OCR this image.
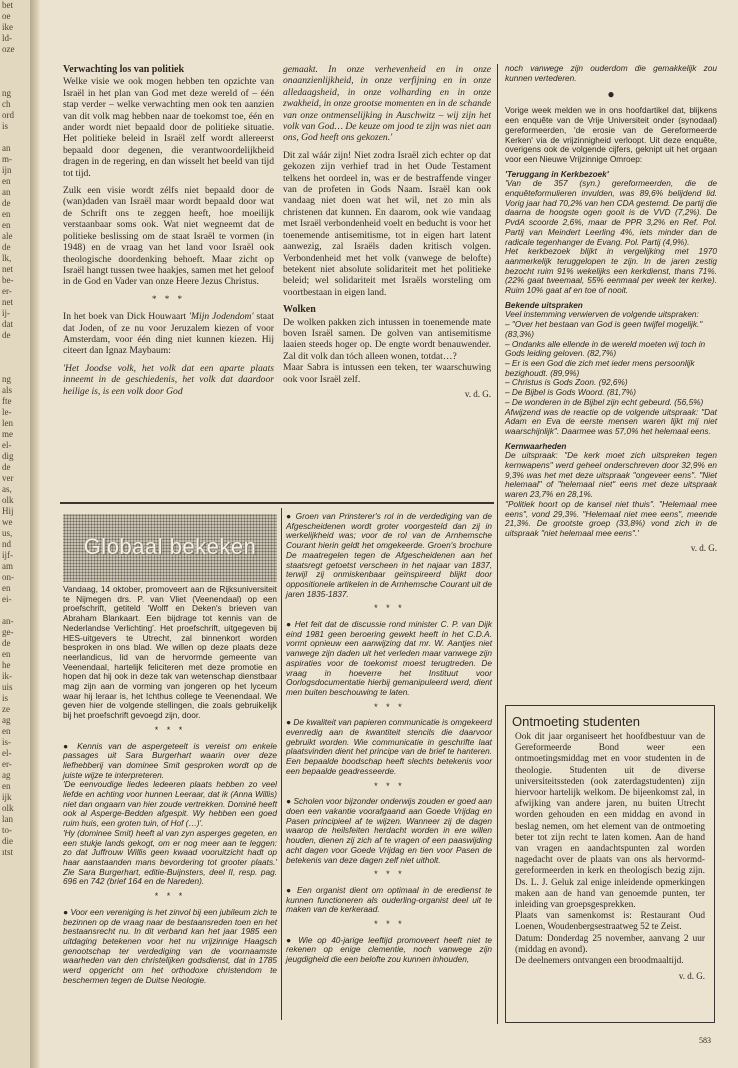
bet
oe
ike
ld-
oze

ng
ch
ord
is

an
m-
ijn
en
an
de
en
en
ale
de
lk,
net
be-
er-
net
ij-
dat
de

ng
als
fte
le-
len
me
el-
dig
de
ver
as,
olk
Hij
we
us,
nd
ijf-
am
on-
en
ei-

an-
ge-
de
en
he
ik-
uis
is
ze
ag
en
is-
el-
er-
ag
en
ijk
olk
lan
to-
die
ıtst
Verwachting los van politiek

Welke visie we ook mogen hebben ten opzichte van Israël in het plan van God met deze wereld of – één stap verder – welke verwachting men ook ten aanzien van dit volk mag hebben naar de toekomst toe, één en ander wordt niet bepaald door de politieke situatie. Het politieke beleid in Israël zelf wordt allereerst bepaald door degenen, die verantwoordelijkheid dragen in de regering, en dan wisselt het beeld van tijd tot tijd.

Zulk een visie wordt zélfs niet bepaald door de (wan)daden van Israël maar wordt bepaald door wat de Schrift ons te zeggen heeft, hoe moeilijk verstaanbaar soms ook. Wat niet wegneemt dat de politieke beslissing om de staat Israël te vormen (in 1948) en de vraag van het land voor Israël ook theologische doordenking behoeft. Maar zicht op Israël hangt tussen twee haakjes, samen met het geloof in de God en Vader van onze Heere Jezus Christus.

* * *

In het boek van Dick Houwaart 'Mijn Jodendom' staat dat Joden, of ze nu voor Jeruzalem kiezen of voor Amsterdam, voor één ding niet kunnen kiezen. Hij citeert dan Ignaz Maybaum:

'Het Joodse volk, het volk dat een aparte plaats inneemt in de geschiedenis, het volk dat daardoor heilige is, is een volk door God

gemaakt. In onze verhevenheid en in onze onaanzienlijkheid, in onze verfijning en in onze alledaagsheid, in onze volharding en in onze zwakheid, in onze grootse momenten en in de schande van onze ontmenselijking in Auschwitz – wij zijn het volk van God… De keuze om jood te zijn was niet aan ons, God heeft ons gekozen.'

Dit zal wáár zijn! Niet zodra Israël zich echter op dat gekozen zijn verhief trad in het Oude Testament telkens het oordeel in, was er de bestraffende vinger van de profeten in Gods Naam. Israël kan ook vandaag niet doen wat het wil, net zo min als christenen dat kunnen. En daarom, ook wie vandaag met Israël verbondenheid voelt en beducht is voor het toenemende antisemitisme, tot in eigen hart latent aanwezig, zal Israëls daden kritisch volgen. Verbondenheid met het volk (vanwege de belofte) betekent niet absolute solidariteit met het politieke beleid; wel solidariteit met Israëls worsteling om voortbestaan in eigen land.

Wolken

De wolken pakken zich intussen in toenemende mate boven Israël samen. De golven van antisemitisme laaien steeds hoger op. De engte wordt benauwender. Zal dit volk dan tóch alleen wonen, totdat…?

Maar Sabra is intussen een teken, ter waarschuwing ook voor Israël zelf.

v. d. G.

noch vanwege zijn ouderdom die gemakkelijk zou kunnen vertederen.

●

Vorige week melden we in ons hoofdartikel dat, blijkens een enquête van de Vrije Universiteit onder (synodaal) gereformeerden, 'de erosie van de Gereformeerde Kerken' via de vrijzinnigheid verloopt. Uit deze enquête, overigens ook de volgende cijfers, geknipt uit het orgaan voor een Nieuwe Vrijzinnige Omroep:

'Teruggang in Kerkbezoek'

'Van de 357 (syn.) gereformeerden, die de enquêteformulieren invulden, was 89,6% belijdend lid. Vorig jaar had 70,2% van hen CDA gestemd. De partij die daarna de hoogste ogen gooit is de VVD (7,2%). De PvdA scoorde 2,6%, maar de PPR 3,2% en Ref. Pol. Partij van Meindert Leerling 4%, iets minder dan de radicale tegenhanger de Evang. Pol. Partij (4,9%).

Het kerkbezoek blijkt in vergelijking met 1970 aanmerkelijk teruggelopen te zijn. In de jaren zestig bezocht ruim 91% wekelijks een kerkdienst, thans 71%. (22% gaat tweemaal, 55% eenmaal per week ter kerke). Ruim 10% gaat af en toe of nooit.

Bekende uitspraken

Veel instemming verwierven de volgende uitspraken:

– "Over het bestaan van God is geen twijfel mogelijk." (83,3%)
– Ondanks alle ellende in de wereld moeten wij toch in Gods leiding geloven. (82,7%)
– Er is een God die zich met ieder mens persoonlijk bezighoudt. (89,9%)
– Christus is Gods Zoon. (92,6%)
– De Bijbel is Gods Woord. (81,7%)
– De wonderen in de Bijbel zijn echt gebeurd. (56,5%)

Afwijzend was de reactie op de volgende uitspraak: "Dat Adam en Eva de eerste mensen waren lijkt mij niet waarschijnlijk". Daarmee was 57,0% het helemaal eens.

Kernwaarheden

De uitspraak: "De kerk moet zich uitspreken tegen kernwapens" werd geheel onderschreven door 32,9% en 9,3% was het met deze uitspraak "ongeveer eens". "Niet helemaal" of "helemaal niet" eens met deze uitspraak waren 23,7% en 28,1%.

"Politiek hoort op de kansel niet thuis". "Helemaal mee eens", vond 29,3%. "Helemaal niet mee eens", meende 21,3%. De grootste groep (33,8%) vond zich in de uitspraak "niet helemaal mee eens".'

v. d. G.
Globaal bekeken

Vandaag, 14 oktober, promoveert aan de Rijksuniversiteit te Nijmegen drs. P. van Vliet (Veenendaal) op een proefschrift, getiteld 'Wolff en Deken's brieven van Abraham Blankaart. Een bijdrage tot kennis van de Nederlandse Verlichting'. Het proefschrift, uitgegeven bij HES-uitgevers te Utrecht, zal binnenkort worden besproken in ons blad. We willen op deze plaats deze neerlandicus, lid van de hervormde gemeente van Veenendaal, hartelijk feliciteren met deze promotie en hopen dat hij ook in deze tak van wetenschap dienstbaar mag zijn aan de vorming van jongeren op het lyceum waar hij leraar is, het Ichthus college te Veenendaal. We geven hier de volgende stellingen, die zoals gebruikelijk bij het proefschrift gevoegd zijn, door.

* * *

● Kennis van de aspergeteelt is vereist om enkele passages uit Sara Burgerhart waarin over deze liefhebberij van dominee Smit gesproken wordt op de juiste wijze te interpreteren.

'De eenvoudige liedes ledeeren plaats hebben zo veel liefde en achting voor hunnen Leeraar, dat ik (Anna Willis) niet dan ongaarn van hier zoude vertrekken. Dominé heeft ook al Asperge-Bedden afgespit. Wy hebben een goed ruim huis, een groten tuin, of Hof (…)'.

'Hy (dominee Smit) heeft al van zyn asperges gegeten, en een stukje lands gekogt, om er nog meer aan te leggen: zo dat Juffrouw Willis geen kwaad vooruitzicht hadt op haar aanstaanden mans bevordering tot grooter plaats.' Zie Sara Burgerhart, editie-Buijnsters, deel II, resp. pag. 696 en 742 (brief 164 en de Nareden).

* * *

● Voor een vereniging is het zinvol bij een jubileum zich te bezinnen op de vraag naar de bestaansreden toen en het bestaansrecht nu. In dit verband kan het jaar 1985 een uitdaging betekenen voor het nu vrijzinnige Haagsch genootschap ter verdediging van de voornaamste waarheden van den christelijken godsdienst, dat in 1785 werd opgericht om het orthodoxe christendom te beschermen tegen de Duitse Neologie.

● Groen van Prinsterer's rol in de verdediging van de Afgescheidenen wordt groter voorgesteld dan zij in werkelijkheid was; voor de rol van de Arnhemsche Courant hierin geldt het omgekeerde. Groen's brochure De maatregelen tegen de Afgescheidenen aan het staatsregt getoetst verscheen in het najaar van 1837, terwijl zij onmiskenbaar geïnspireerd blijkt door oppositionele artikelen in de Arnhemsche Courant uit de jaren 1835-1837.

* * *

● Het feit dat de discussie rond minister C. P. van Dijk eind 1981 geen beroering gewekt heeft in het C.D.A. vormt opnieuw een aanwijzing dat mr. W. Aantjes niet vanwege zijn daden uit het verleden maar vanwege zijn aspiraties voor de toekomst moest terugtreden. De vraag in hoeverre het Instituut voor Oorlogsdocumentatie hierbij gemanipuleerd werd, dient men buiten beschouwing te laten.

* * *

● De kwaliteit van papieren communicatie is omgekeerd evenredig aan de kwantiteit stencils die daarvoor gebruikt worden. Wie communicatie in geschrifte laat plaatsvinden dient het principe van de brief te hanteren. Een bepaalde boodschap heeft slechts betekenis voor een bepaalde geadresseerde.

* * *

● Scholen voor bijzonder onderwijs zouden er goed aan doen een vakantie voorafgaand aan Goede Vrijdag en Pasen principieel af te wijzen. Wanneer zij de dagen waarop de heilsfeiten herdacht worden in ere willen houden, dienen zij zich af te vragen of een paaswijding acht dagen voor Goede Vrijdag en tien voor Pasen de betekenis van deze dagen zelf niet uitholt.

* * *

● Een organist dient om optimaal in de eredienst te kunnen functioneren als ouderling-organist deel uit te maken van de kerkeraad.

* * *

● Wie op 40-jarige leeftijd promoveert heeft niet te rekenen op enige clementie, noch vanwege zijn jeugdigheid die een belofte zou kunnen inhouden,

Ontmoeting studenten

Ook dit jaar organiseert het hoofdbestuur van de Gereformeerde Bond weer een ontmoetingsmiddag met en voor studenten in de theologie. Studenten uit de diverse universiteitssteden (ook zaterdagstudenten) zijn hiervoor hartelijk welkom. De bijeenkomst zal, in afwijking van andere jaren, nu buiten Utrecht worden gehouden en een middag en avond in beslag nemen, om het element van de ontmoeting beter tot zijn recht te laten komen. Aan de hand van vragen en aandachtspunten zal worden nagedacht over de plaats van ons als hervormd-gereformeerden in kerk en theologisch bezig zijn. Ds. L. J. Geluk zal enige inleidende opmerkingen maken aan de hand van genoemde punten, ter inleiding van groepsgesprekken.

Plaats van samenkomst is: Restaurant Oud Loenen, Woudenbergsestraatweg 52 te Zeist.

Datum: Donderdag 25 november, aanvang 2 uur (middag en avond).

De deelnemers ontvangen een broodmaaltijd.

v. d. G.
583
